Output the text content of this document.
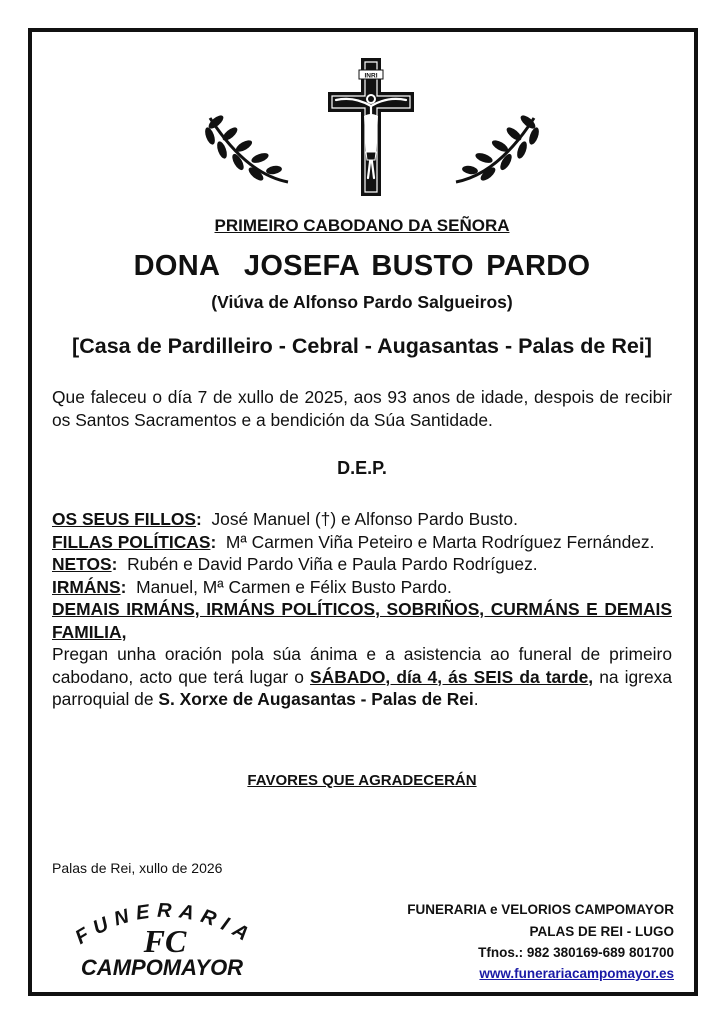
INRI
PRIMEIRO CABODANO DA SEÑORA
DONA  JOSEFA BUSTO PARDO
(Viúva de Alfonso Pardo Salgueiros)
[Casa de Pardilleiro - Cebral - Augasantas - Palas de Rei]
Que faleceu o día 7 de xullo de 2025, aos 93 anos de idade, despois de recibir os Santos Sacramentos e a bendición da Súa Santidade.
D.E.P.
OS SEUS FILLOS: José Manuel (†) e Alfonso Pardo Busto.
FILLAS POLÍTICAS: Mª Carmen Viña Peteiro e Marta Rodríguez Fernández.
NETOS: Rubén e David Pardo Viña e Paula Pardo Rodríguez.
IRMÁNS: Manuel, Mª Carmen e Félix Busto Pardo.
DEMAIS IRMÁNS, IRMÁNS POLÍTICOS, SOBRIÑOS, CURMÁNS E DEMAIS FAMILIA,
Pregan unha oración pola súa ánima e a asistencia ao funeral de primeiro cabodano, acto que terá lugar o SÁBADO, día 4, ás SEIS da tarde, na igrexa parroquial de S. Xorxe de Augasantas - Palas de Rei.
FAVORES QUE AGRADECERÁN
Palas de Rei, xullo de 2026
FUNERARIA
FC
CAMPOMAYOR
FUNERARIA e VELORIOS CAMPOMAYOR
PALAS DE REI - LUGO
Tfnos.: 982 380169-689 801700
www.funerariacampomayor.es
